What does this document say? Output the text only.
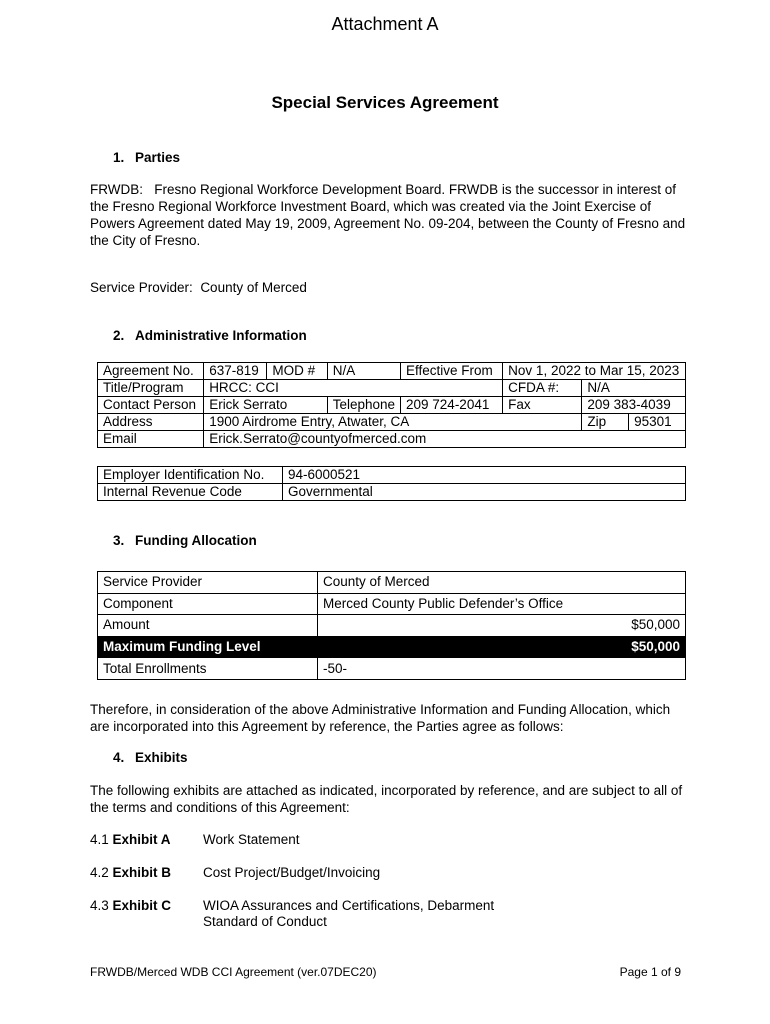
Attachment A
Special Services Agreement
1. Parties
FRWDB: Fresno Regional Workforce Development Board. FRWDB is the successor in interest of the Fresno Regional Workforce Investment Board, which was created via the Joint Exercise of Powers Agreement dated May 19, 2009, Agreement No. 09-204, between the County of Fresno and the City of Fresno.
Service Provider: County of Merced
2. Administrative Information
Agreement No.	637-819	MOD #	N/A	Effective From	Nov 1, 2022 to Mar 15, 2023		
Title/Program	HRCC: CCI				CFDA #:	N/A	
Contact Person	Erick Serrato		Telephone	209 724-2041	Fax	209 383-4039	
Address	1900 Airdrome Entry, Atwater, CA					Zip	95301
Email	Erick.Serrato@countyofmerced.com						
Employer Identification No.	94-6000521
Internal Revenue Code	Governmental
3. Funding Allocation
Service Provider	County of Merced
Component	Merced County Public Defender’s Office
Amount	$50,000
Maximum Funding Level	$50,000
Total Enrollments	-50-
Therefore, in consideration of the above Administrative Information and Funding Allocation, which are incorporated into this Agreement by reference, the Parties agree as follows:
4. Exhibits
The following exhibits are attached as indicated, incorporated by reference, and are subject to all of the terms and conditions of this Agreement:
4.1 Exhibit A Work Statement
4.2 Exhibit B Cost Project/Budget/Invoicing
4.3 Exhibit C WIOA Assurances and Certifications, Debarment
Standard of Conduct
FRWDB/Merced WDB CCI Agreement (ver.07DEC20)	Page 1 of 9
